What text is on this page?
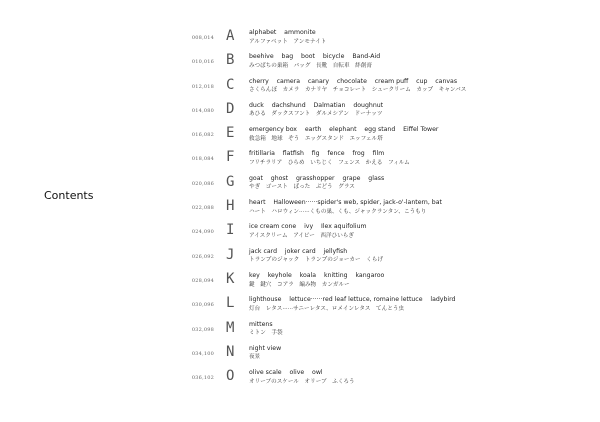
Contents
008,014 A alphabet    ammonite
アルファベット　アンモナイト
010,016 B beehive    bag    boot    bicycle    Band-Aid
みつばちの巣箱　バッグ　長靴　自転車　絆創膏
012,018 C cherry    camera    canary    chocolate    cream puff    cup    canvas
さくらんぼ　カメラ　カナリヤ　チョコレート　シュークリーム　カップ　キャンバス
014,080 D duck    dachshund    Dalmatian    doughnut
あひる　ダックスフント　ダルメシアン　ドーナッツ
016,082 E emergency box    earth    elephant    egg stand    Eiffel Tower
救急箱　地球　ぞう　エッグスタンド　エッフェル塔
018,084 F fritillaria    flatfish    fig    fence    frog    film
フリチラリア　ひらめ　いちじく　フェンス　かえる　フィルム
020,086 G goat    ghost    grasshopper    grape    glass
やぎ　ゴースト　ばった　ぶどう　グラス
022,088 H heart    Halloween······spider's web, spider, jack-o'-lantern, bat
ハート　ハロウィン······くもの巣、くも、ジャックランタン、こうもり
024,090 I ice cream cone    ivy    Ilex aquifolium
アイスクリーム　アイビー　西洋ひいらぎ
026,092 J jack card    joker card    jellyfish
トランプのジャック　トランプのジョーカー　くらげ
028,094 K key    keyhole    koala    knitting    kangaroo
鍵　鍵穴　コアラ　編み物　カンガルー
030,096 L lighthouse    lettuce······red leaf lettuce, romaine lettuce    ladybird
灯台　レタス······サニーレタス、ロメインレタス　てんとう虫
032,098 M mittens
ミトン　手袋
034,100 N night view
夜景
036,102 O olive scale    olive    owl
オリーブのスケール　オリーブ　ふくろう
